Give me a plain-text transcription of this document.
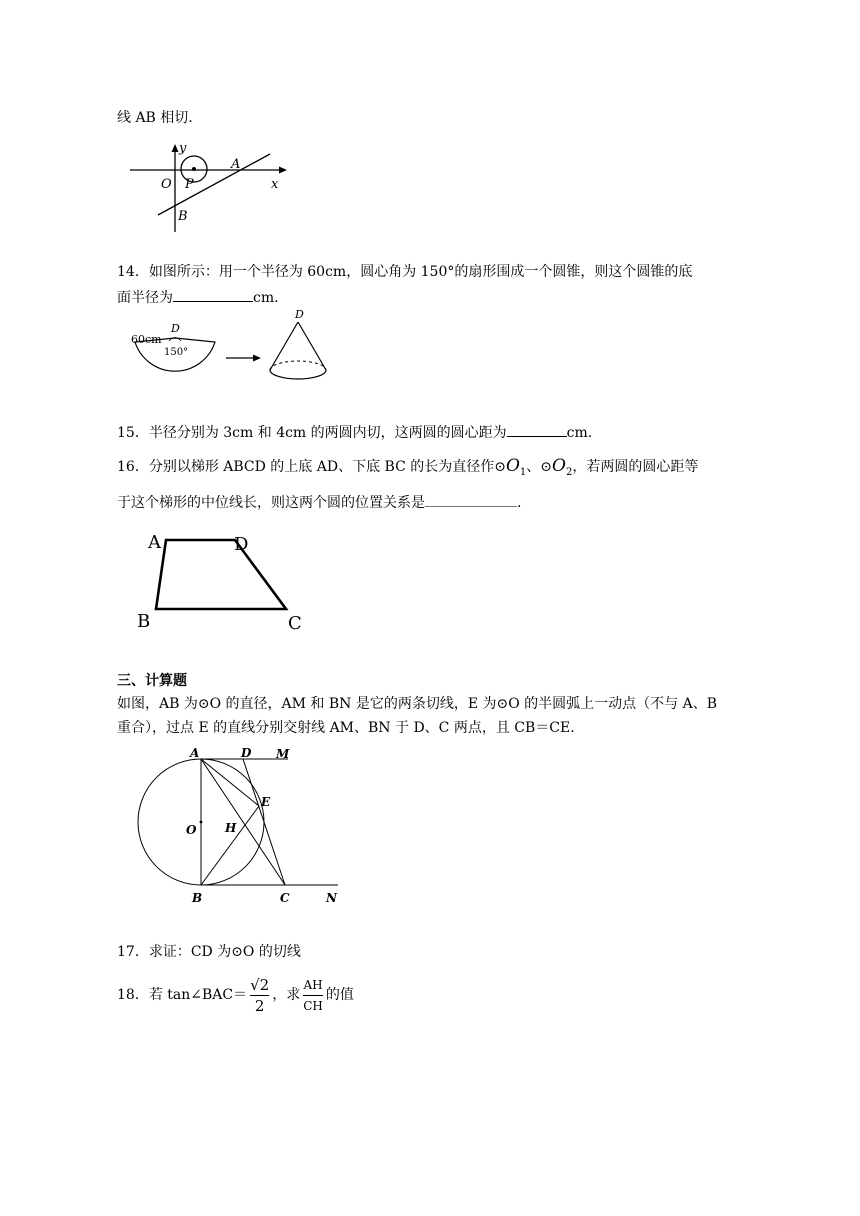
线 AB 相切.
y
x
O P
A
B
14．如图所示：用一个半径为 60cm，圆心角为 150°的扇形围成一个圆锥，则这个圆锥的底
面半径为	cm.
D
60cm
150°
D
15．半径分别为 3cm 和 4cm 的两圆内切，这两圆的圆心距为	cm.
16．分别以梯形 ABCD 的上底 AD、下底 BC 的长为直径作$⊙O_1$、$⊙O_2$，若两圆的圆心距等
于这个梯形的中位线长，则这两个圆的位置关系是	.
A	D
B	C
三、计算题
如图，AB 为⊙O 的直径，AM 和 BN 是它的两条切线，E 为⊙O 的半圆弧上一动点（不与 A、B
重合），过点 E 的直线分别交射线 AM、BN 于 D、C 两点，且 CB＝CE.
A	D M
E
O H
B	C	N
17．求证：CD 为⊙O 的切线
18．若 tan∠BAC＝ $\frac{√2}{2}$ ，求 $\frac{AH}{CH}$ 的值
